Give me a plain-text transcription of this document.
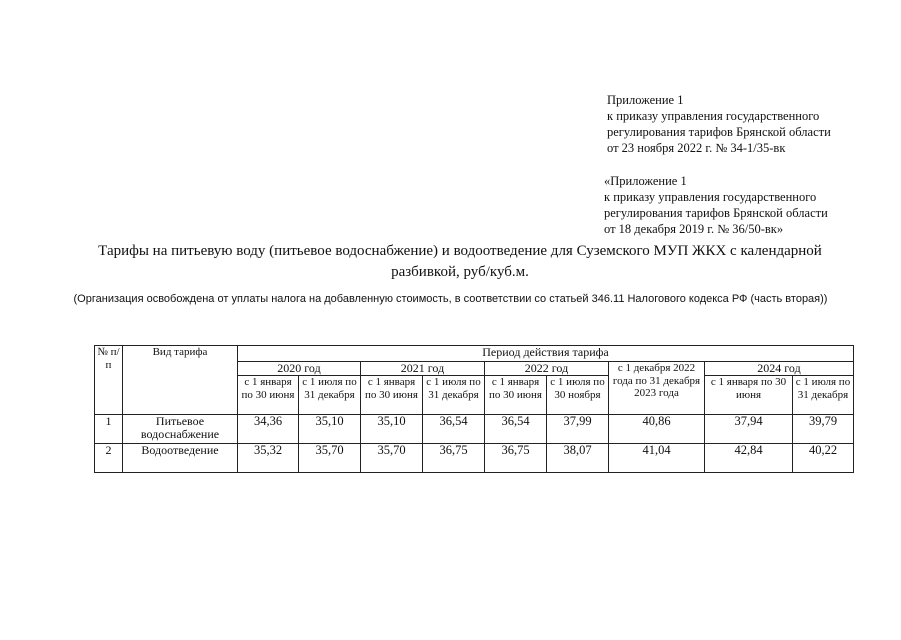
Приложение 1
к приказу управления государственного
регулирования тарифов Брянской области
от 23 ноября 2022 г. № 34-1/35-вк
«Приложение 1
к приказу управления государственного
регулирования тарифов Брянской области
от 18 декабря 2019 г. № 36/50-вк»
Тарифы на питьевую воду (питьевое водоснабжение) и водоотведение для Суземского МУП ЖКХ с календарной
разбивкой, руб/куб.м.
(Организация освобождена от уплаты налога на добавленную стоимость, в соответствии со статьей 346.11 Налогового кодекса РФ (часть вторая))
№ п/п	Вид тарифа	Период действия тарифа								
		2020 год		2021 год		2022 год		с 1 декабря 2022 года по 31 декабря 2023 года	2024 год	
		с 1 января по 30 июня	с 1 июля по 31 декабря	с 1 января по 30 июня	с 1 июля по 31 декабря	с 1 января по 30 июня	с 1 июля по 30 ноября		с 1 января по 30 июня	с 1 июля по 31 декабря
1	Питьевое водоснабжение	34,36	35,10	35,10	36,54	36,54	37,99	40,86	37,94	39,79
2	Водоотведение	35,32	35,70	35,70	36,75	36,75	38,07	41,04	42,84	40,22
